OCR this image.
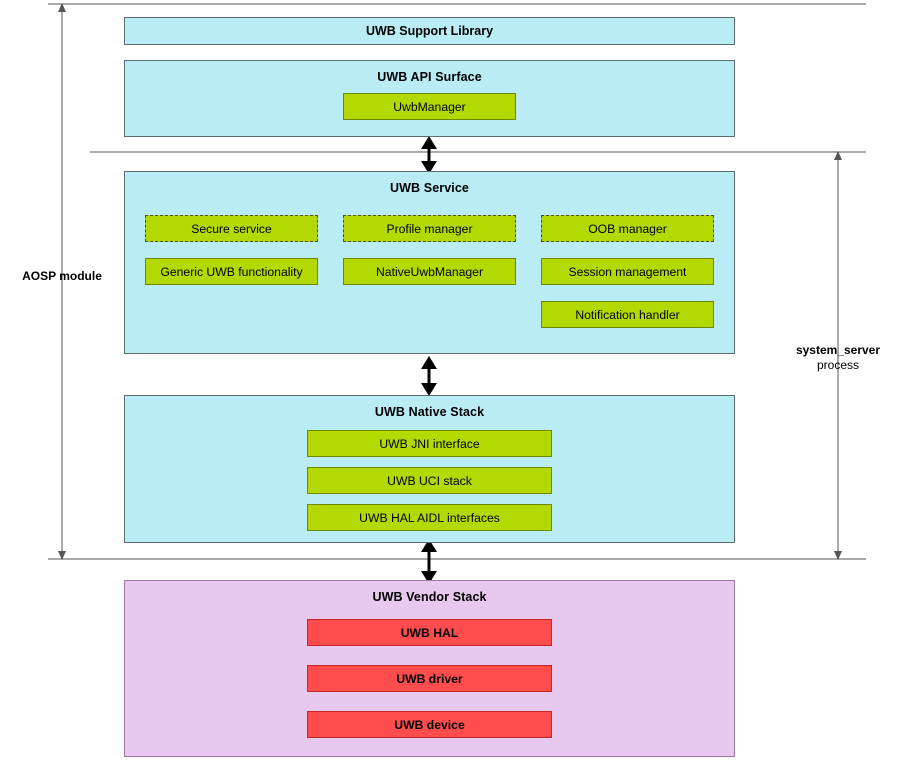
AOSP module
system_server
process
UWB Support Library
UWB API Surface
UwbManager
UWB Service
Secure service	Profile manager	OOB manager
Generic UWB functionality	NativeUwbManager	Session management
Notification handler
UWB Native Stack
UWB JNI interface
UWB UCI stack
UWB HAL AIDL interfaces
UWB Vendor Stack
UWB HAL
UWB driver
UWB device
